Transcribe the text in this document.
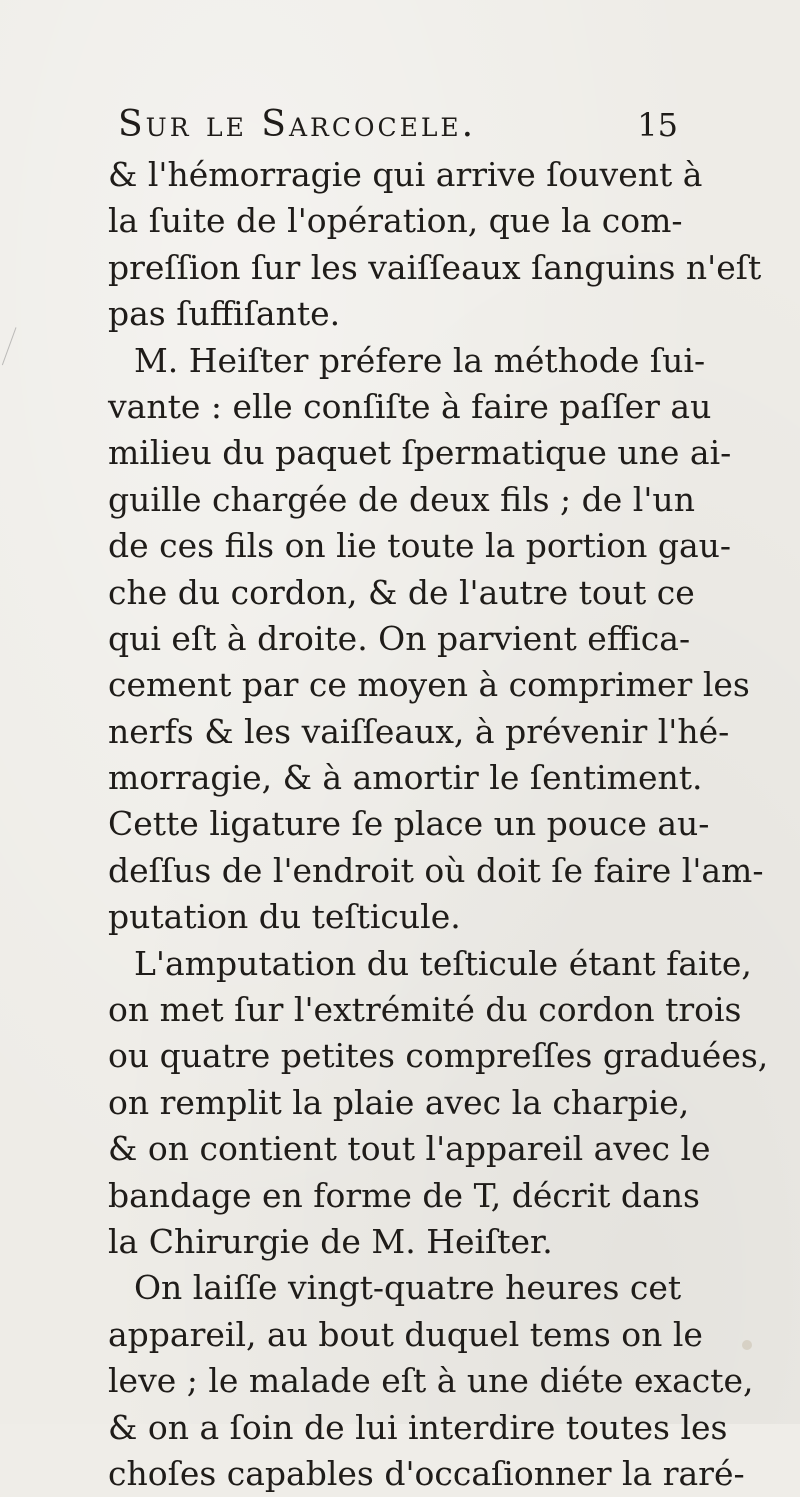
Sur le Sarcocele.	15
& l'hémorragie qui arrive ſouvent à
la ſuite de l'opération, que la com-
preſſion ſur les vaiſſeaux ſanguins n'eſt
pas ſuffiſante.
M. Heiſter préfere la méthode ſui-
vante : elle conſiſte à faire paſſer au
milieu du paquet ſpermatique une ai-
guille chargée de deux fils ; de l'un
de ces fils on lie toute la portion gau-
che du cordon, & de l'autre tout ce
qui eſt à droite. On parvient effica-
cement par ce moyen à comprimer les
nerfs & les vaiſſeaux, à prévenir l'hé-
morragie, & à amortir le ſentiment.
Cette ligature ſe place un pouce au-
deſſus de l'endroit où doit ſe faire l'am-
putation du teſticule.
L'amputation du teſticule étant faite,
on met ſur l'extrémité du cordon trois
ou quatre petites compreſſes graduées,
on remplit la plaie avec la charpie,
& on contient tout l'appareil avec le
bandage en forme de T, décrit dans
la Chirurgie de M. Heiſter.
On laiſſe vingt-quatre heures cet
appareil, au bout duquel tems on le
leve ; le malade eſt à une diéte exacte,
& on a ſoin de lui interdire toutes les
choſes capables d'occaſionner la raré-
